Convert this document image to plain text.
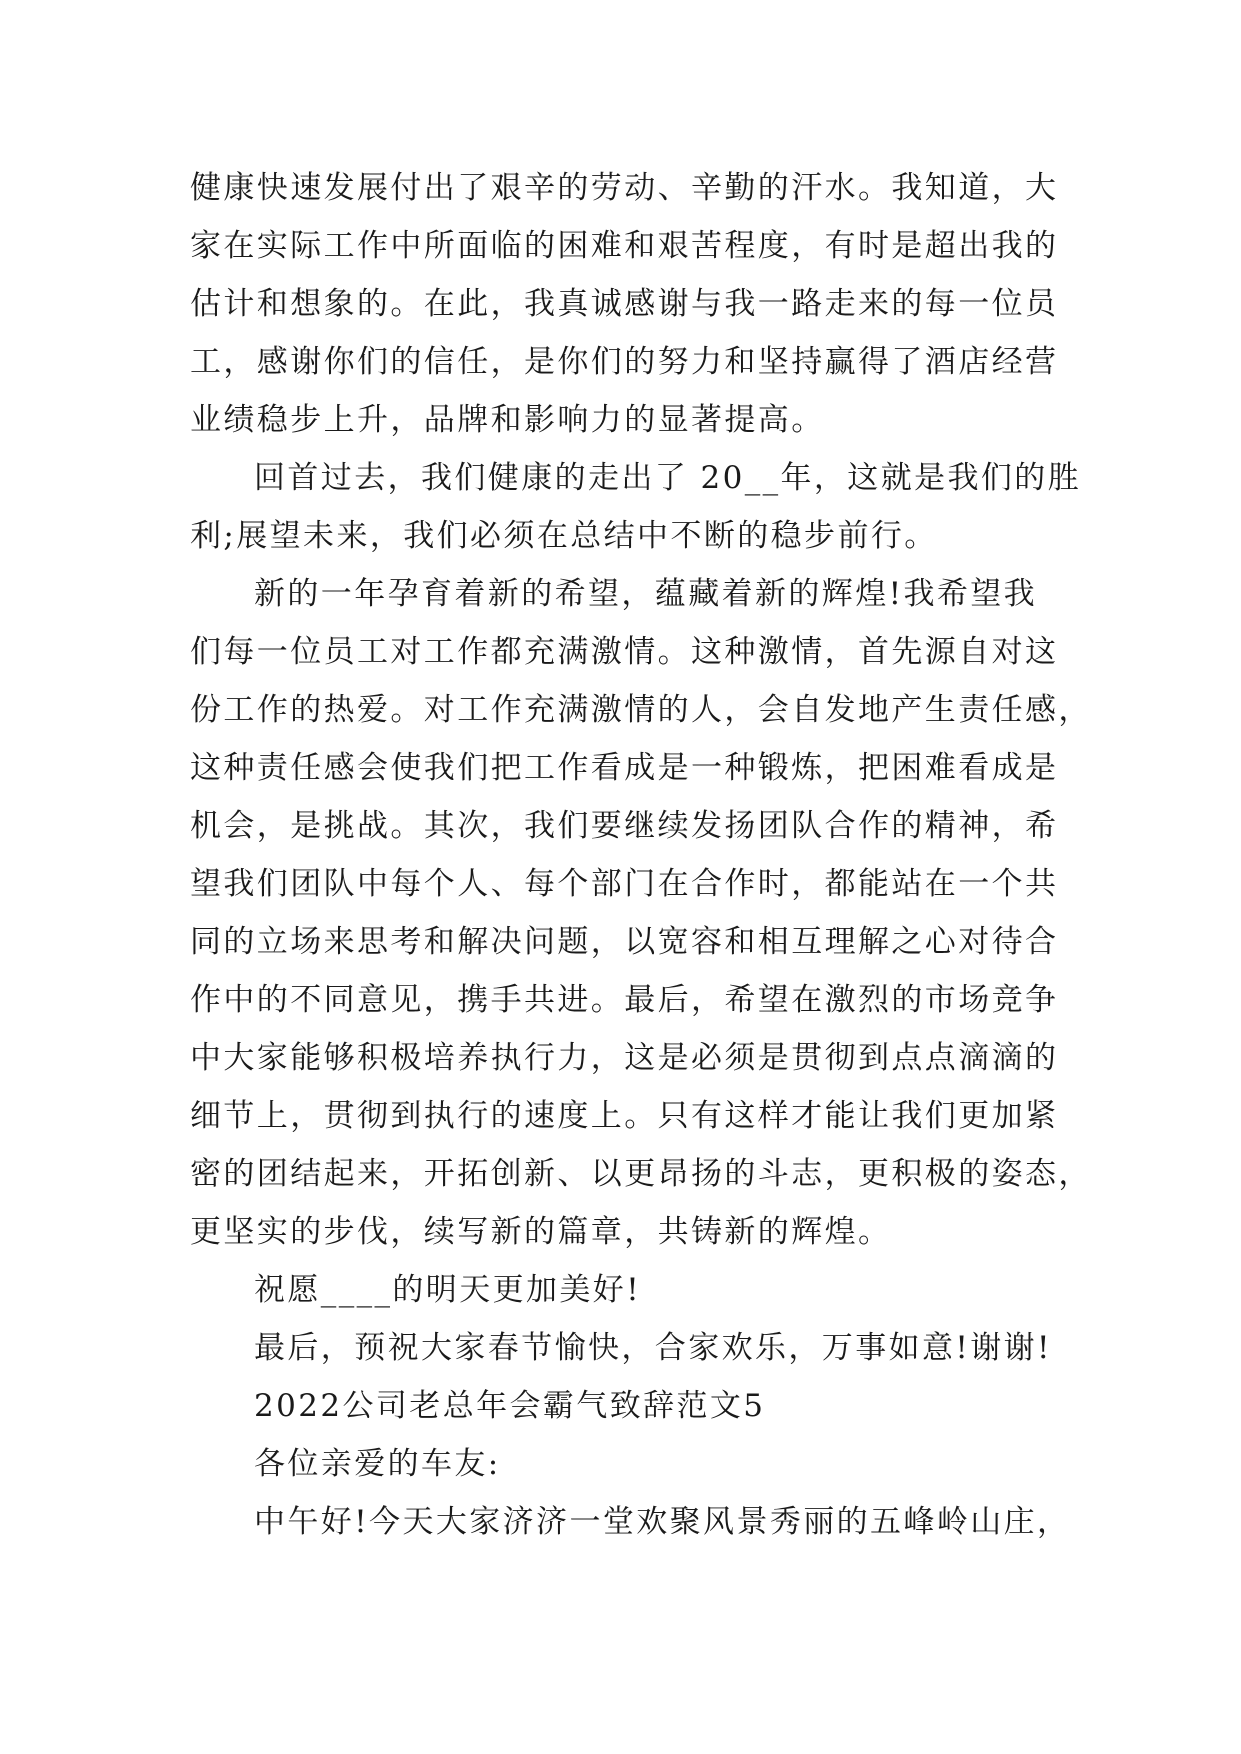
健康快速发展付出了艰辛的劳动、辛勤的汗水。我知道，大
家在实际工作中所面临的困难和艰苦程度，有时是超出我的
估计和想象的。在此，我真诚感谢与我一路走来的每一位员
工，感谢你们的信任，是你们的努力和坚持赢得了酒店经营
业绩稳步上升，品牌和影响力的显著提高。
回首过去，我们健康的走出了 20__年，这就是我们的胜
利;展望未来，我们必须在总结中不断的稳步前行。
新的一年孕育着新的希望，蕴藏着新的辉煌!我希望我
们每一位员工对工作都充满激情。这种激情，首先源自对这
份工作的热爱。对工作充满激情的人，会自发地产生责任感，
这种责任感会使我们把工作看成是一种锻炼，把困难看成是
机会，是挑战。其次，我们要继续发扬团队合作的精神，希
望我们团队中每个人、每个部门在合作时，都能站在一个共
同的立场来思考和解决问题，以宽容和相互理解之心对待合
作中的不同意见，携手共进。最后，希望在激烈的市场竞争
中大家能够积极培养执行力，这是必须是贯彻到点点滴滴的
细节上，贯彻到执行的速度上。只有这样才能让我们更加紧
密的团结起来，开拓创新、以更昂扬的斗志，更积极的姿态，
更坚实的步伐，续写新的篇章，共铸新的辉煌。
祝愿____的明天更加美好!
最后，预祝大家春节愉快，合家欢乐，万事如意!谢谢!
2022公司老总年会霸气致辞范文5
各位亲爱的车友:
中午好!今天大家济济一堂欢聚风景秀丽的五峰岭山庄，
